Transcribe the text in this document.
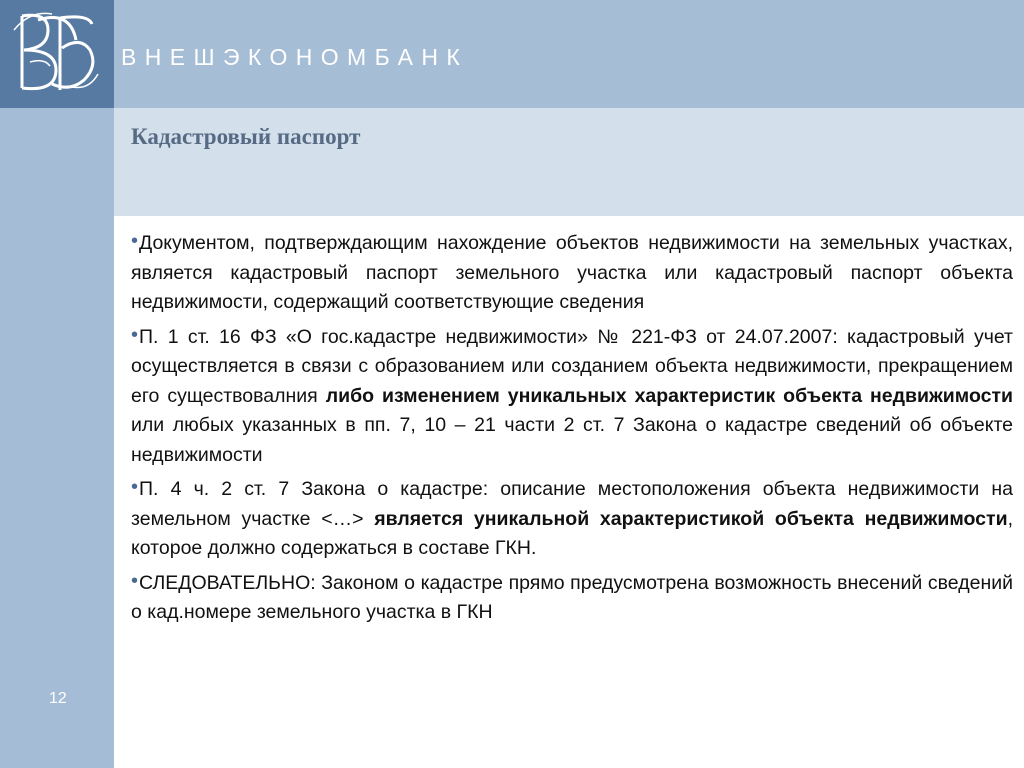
ВНЕШЭКОНОМБАНК
Кадастровый паспорт
12
•Документом, подтверждающим нахождение объектов недвижимости на земельных участках, является кадастровый паспорт земельного участка или кадастровый паспорт объекта недвижимости, содержащий соответствующие сведения
•П. 1 ст. 16 ФЗ «О гос.кадастре недвижимости» № 221-ФЗ от 24.07.2007: кадастровый учет осуществляется в связи с образованием или созданием объекта недвижимости, прекращением его существовалния либо изменением уникальных характеристик объекта недвижимости или любых указанных в пп. 7, 10 – 21 части 2 ст. 7 Закона о кадастре сведений об объекте недвижимости
•П. 4 ч. 2 ст. 7 Закона о кадастре: описание местоположения объекта недвижимости на земельном участке <…> является уникальной характеристикой объекта недвижимости, которое должно содержаться в составе ГКН.
•СЛЕДОВАТЕЛЬНО: Законом о кадастре прямо предусмотрена возможность внесений сведений о кад.номере земельного участка в ГКН
